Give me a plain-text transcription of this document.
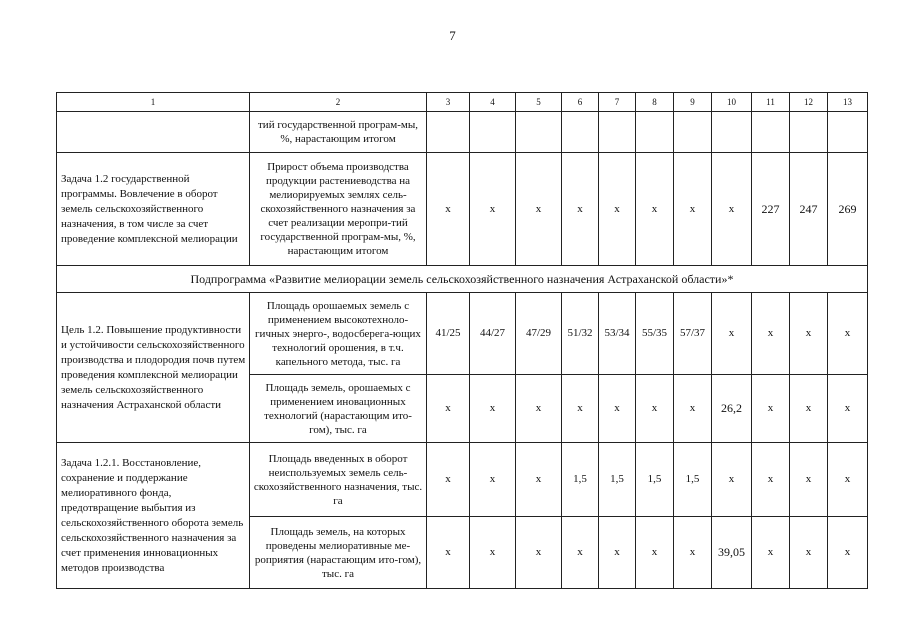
7
1	2	3	4	5	6	7	8	9	10	11	12	13
	тий государственной програм-мы, %, нарастающим итогом											
Задача 1.2 государственной программы. Вовлечение в оборот земель сельскохозяйственного назначения, в том числе за счет проведение комплексной мелиорации	Прирост объема производства продукции растениеводства на мелиорируемых землях сель-скохозяйственного назначения за счет реализации меропри-тий государственной програм-мы, %, нарастающим итогом	x	x	x	x	x	x	x	x	227	247	269
Подпрограмма «Развитие мелиорации земель сельскохозяйственного назначения Астраханской области»*												
Цель 1.2. Повышение продуктивности и устойчивости сельскохозяйственного производства и плодородия почв путем проведения комплексной мелиорации земель сельскохозяйственного назначения Астраханской области	Площадь орошаемых земель с применением высокотехноло-гичных энерго-, водосберега-ющих технологий орошения, в т.ч. капельного метода, тыс. га	41/25	44/27	47/29	51/32	53/34	55/35	57/37	x	x	x	x
	Площадь земель, орошаемых с применением иновационных технологий (нарастающим ито-гом), тыс. га	x	x	x	x	x	x	x	26,2	x	x	x
Задача 1.2.1. Восстановление, сохранение и поддержание мелиоративного фонда, предотвращение выбытия из сельскохозяйственного оборота земель сельскохозяйственного назначения за счет применения инновационных методов производства	Площадь введенных в оборот неиспользуемых земель сель-скохозяйственного назначения, тыс. га	x	x	x	1,5	1,5	1,5	1,5	x	x	x	x
	Площадь земель, на которых проведены мелиоративные ме-роприятия (нарастающим ито-гом), тыс. га	x	x	x	x	x	x	x	39,05	x	x	x
